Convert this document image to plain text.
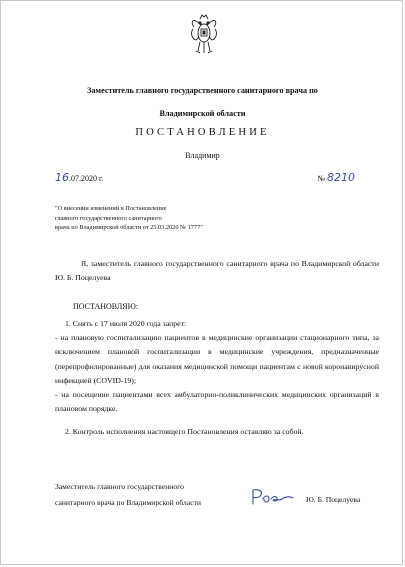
Заместитель главного государственного санитарного врача по
Владимирской области
ПОСТАНОВЛЕНИЕ
Владимир
16.07.2020 г.	№ 8210
"О внесении изменений в Постановление
главного государственного санитарного
врача по Владимирской области от 25.03.2020 № 1777"
Я, заместитель главного государственного санитарного врача по Владимирской области Ю. Б. Поцелуева
ПОСТАНОВЛЯЮ:

1. Снять с 17 июля 2020 года запрет:

- на плановую госпитализацию пациентов в медицинские организации стационарного типа, за исключением плановой госпитализации в медицинские учреждения, предназначенные (перепрофилированные) для оказания медицинской помощи пациентам с новой коронавирусной инфекцией (COVID-19);

- на посещение пациентами всех амбулаторно-поликлинических медицинских организаций в плановом порядке.

2. Контроль исполнения настоящего Постановления оставляю за собой.

Заместитель главного государственного
санитарного врача по Владимирской области	Ю. Б. Поцелуева
